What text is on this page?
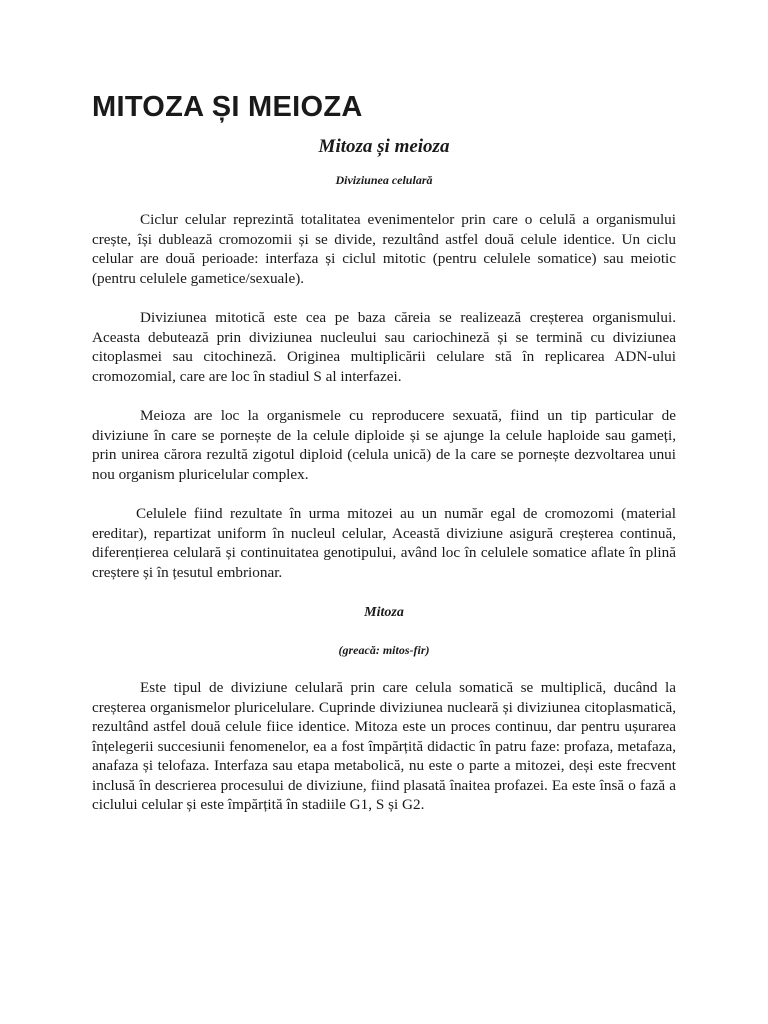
MITOZA ȘI MEIOZA
Mitoza și meioza
Diviziunea celulară

Ciclur celular reprezintă totalitatea evenimentelor prin care o celulă a organismului crește, își dublează cromozomii și se divide, rezultând astfel două celule identice. Un ciclu celular are două perioade: interfaza și ciclul mitotic (pentru celulele somatice) sau meiotic (pentru celulele gametice/sexuale).

Diviziunea mitotică este cea pe baza căreia se realizează creșterea organismului. Aceasta debutează prin diviziunea nucleului sau cariochineză și se termină cu diviziunea citoplasmei sau citochineză. Originea multiplicării celulare stă în replicarea ADN-ului cromozomial, care are loc în stadiul S al interfazei.

Meioza are loc la organismele cu reproducere sexuată, fiind un tip particular de diviziune în care se pornește de la celule diploide și se ajunge la celule haploide sau gameți, prin unirea cărora rezultă zigotul diploid (celula unică) de la care se pornește dezvoltarea unui nou organism pluricelular complex.

Celulele fiind rezultate în urma mitozei au un număr egal de cromozomi (material ereditar), repartizat uniform în nucleul celular, Această diviziune asigură creșterea continuă, diferențierea celulară și continuitatea genotipului, având loc în celulele somatice aflate în plină creștere și în țesutul embrionar.

Mitoza
(greacă: mitos-fir)

Este tipul de diviziune celulară prin care celula somatică se multiplică, ducând la creșterea organismelor pluricelulare. Cuprinde diviziunea nucleară și diviziunea citoplasmatică, rezultând astfel două celule fiice identice. Mitoza este un proces continuu, dar pentru ușurarea înțelegerii succesiunii fenomenelor, ea a fost împărțită didactic în patru faze: profaza, metafaza, anafaza și telofaza. Interfaza sau etapa metabolică, nu este o parte a mitozei, deși este frecvent inclusă în descrierea procesului de diviziune, fiind plasată înaitea profazei. Ea este însă o fază a ciclului celular și este împărțită în stadiile G1, S și G2.
